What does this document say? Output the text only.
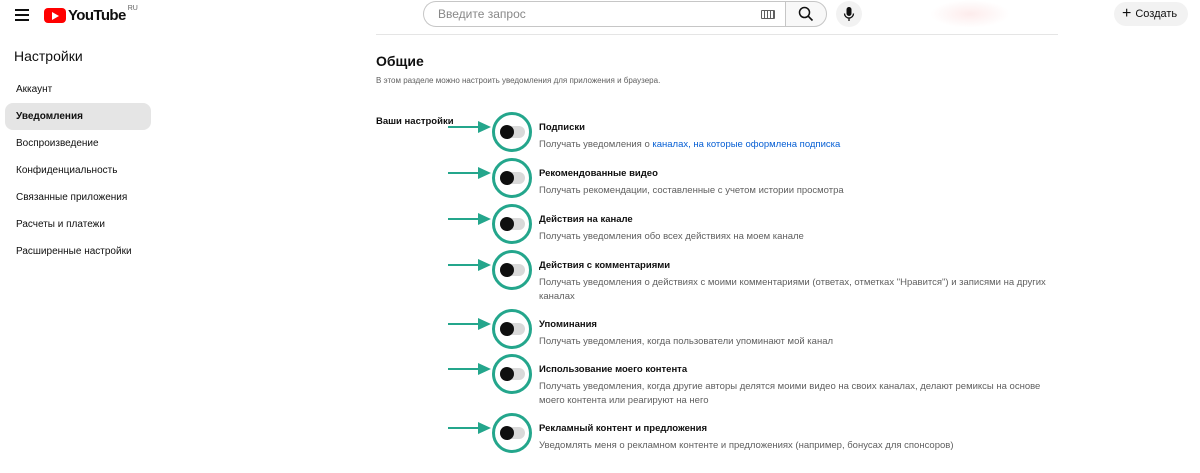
YouTube RU
Введите запрос	+ Создать
Настройки
Аккаунт
Уведомления
Воспроизведение
Конфиденциальность
Связанные приложения
Расчеты и платежи
Расширенные настройки
Общие
В этом разделе можно настроить уведомления для приложения и браузера.
Ваши настройки
Подписки
Получать уведомления о каналах, на которые оформлена подписка
Рекомендованные видео
Получать рекомендации, составленные с учетом истории просмотра
Действия на канале
Получать уведомления обо всех действиях на моем канале
Действия с комментариями
Получать уведомления о действиях с моими комментариями (ответах, отметках "Нравится") и записями на других каналах
Упоминания
Получать уведомления, когда пользователи упоминают мой канал
Использование моего контента
Получать уведомления, когда другие авторы делятся моими видео на своих каналах, делают ремиксы на основе моего контента или реагируют на него
Рекламный контент и предложения
Уведомлять меня о рекламном контенте и предложениях (например, бонусах для спонсоров)
